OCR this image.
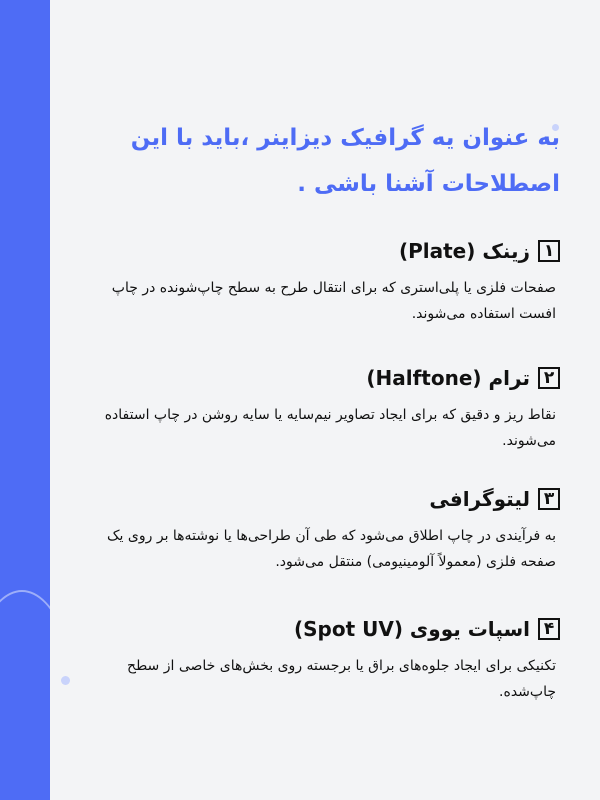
به عنوان یه گرافیک دیزاینر ،باید با این
اصطلاحات آشنا باشی .
۱
زینک (Plate)
صفحات فلزی یا پلی‌استری که برای انتقال طرح به سطح چاپ‌شونده در چاپ افست استفاده می‌شوند.
۲
ترام (Halftone)
نقاط ریز و دقیق که برای ایجاد تصاویر نیم‌سایه یا سایه روشن در چاپ استفاده می‌شوند.
۳
لیتوگرافی
به فرآیندی در چاپ اطلاق می‌شود که طی آن طراحی‌ها یا نوشته‌ها بر روی یک صفحه فلزی (معمولاً آلومینیومی) منتقل می‌شود.
۴
اسپات یووی (Spot UV)
تکنیکی برای ایجاد جلوه‌های براق یا برجسته روی بخش‌های خاصی از سطح چاپ‌شده.
